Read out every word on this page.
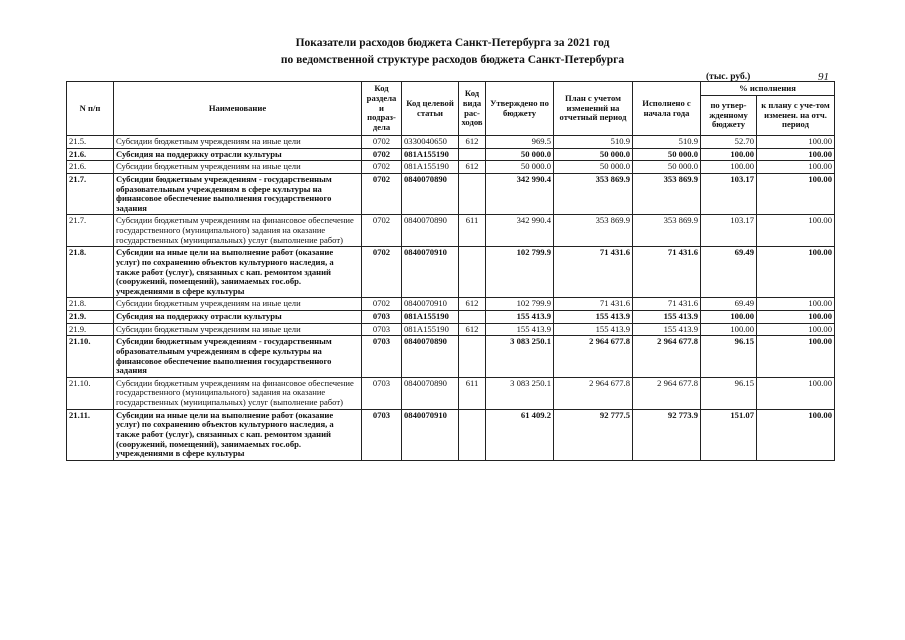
Показатели расходов бюджета Санкт-Петербурга за 2021 год
по ведомственной структуре расходов бюджета Санкт-Петербурга
(тыс. руб.)	91
N п/п	Наименование	Код раздела и подраз-дела	Код целевой статьи	Код вида рас-ходов	Утверждено по бюджету	План с учетом изменений на отчетный период	Исполнено с начала года	% исполнения	
								по утвер-жденному бюджету	к плану с уче-том изменен. на отч. период
21.5.	Субсидии бюджетным учреждениям на иные цели	0702	0330040650	612	969.5	510.9	510.9	52.70	100.00
21.6.	Субсидия на поддержку отрасли культуры	0702	081A155190		50 000.0	50 000.0	50 000.0	100.00	100.00
21.6.	Субсидии бюджетным учреждениям на иные цели	0702	081A155190	612	50 000.0	50 000.0	50 000.0	100.00	100.00
21.7.	Субсидии бюджетным учреждениям - государственным образовательным учреждениям в сфере культуры на финансовое обеспечение выполнения государственного задания	0702	0840070890		342 990.4	353 869.9	353 869.9	103.17	100.00
21.7.	Субсидии бюджетным учреждениям на финансовое обеспечение государственного (муниципального) задания на оказание государственных (муниципальных) услуг (выполнение работ)	0702	0840070890	611	342 990.4	353 869.9	353 869.9	103.17	100.00
21.8.	Субсидии на иные цели на выполнение работ (оказание услуг) по сохранению объектов культурного наследия, а также работ (услуг), связанных с кап. ремонтом зданий (сооружений, помещений), занимаемых гос.обр. учреждениями в сфере культуры	0702	0840070910		102 799.9	71 431.6	71 431.6	69.49	100.00
21.8.	Субсидии бюджетным учреждениям на иные цели	0702	0840070910	612	102 799.9	71 431.6	71 431.6	69.49	100.00
21.9.	Субсидия на поддержку отрасли культуры	0703	081A155190		155 413.9	155 413.9	155 413.9	100.00	100.00
21.9.	Субсидии бюджетным учреждениям на иные цели	0703	081A155190	612	155 413.9	155 413.9	155 413.9	100.00	100.00
21.10.	Субсидии бюджетным учреждениям - государственным образовательным учреждениям в сфере культуры на финансовое обеспечение выполнения государственного задания	0703	0840070890		3 083 250.1	2 964 677.8	2 964 677.8	96.15	100.00
21.10.	Субсидии бюджетным учреждениям на финансовое обеспечение государственного (муниципального) задания на оказание государственных (муниципальных) услуг (выполнение работ)	0703	0840070890	611	3 083 250.1	2 964 677.8	2 964 677.8	96.15	100.00
21.11.	Субсидии на иные цели на выполнение работ (оказание услуг) по сохранению объектов культурного наследия, а также работ (услуг), связанных с кап. ремонтом зданий (сооружений, помещений), занимаемых гос.обр. учреждениями в сфере культуры	0703	0840070910		61 409.2	92 777.5	92 773.9	151.07	100.00
